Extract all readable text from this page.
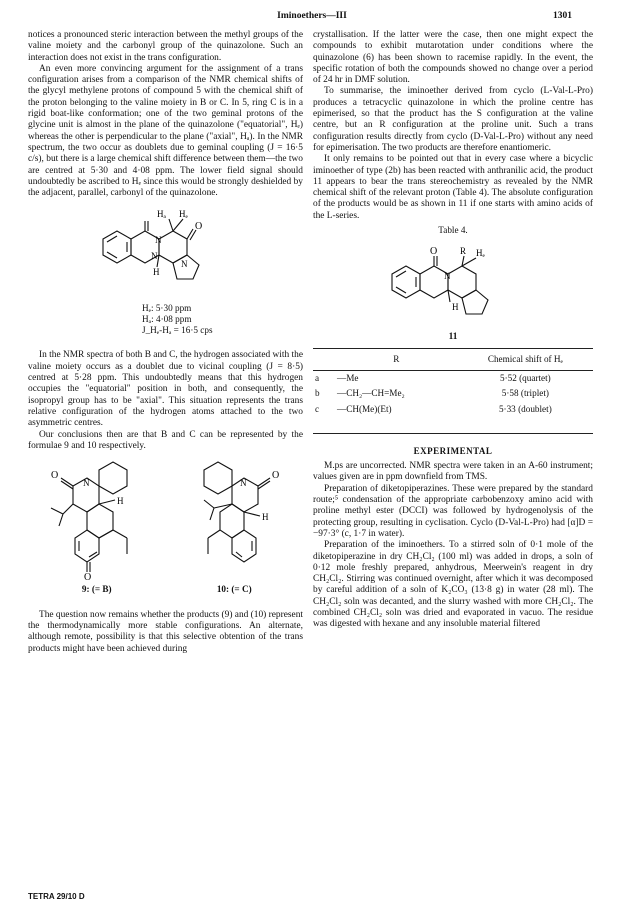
Iminoethers—III	1301

notices a pronounced steric interaction between the methyl groups of the valine moiety and the carbonyl group of the quinazolone. Such an interaction does not exist in the trans configuration.

An even more convincing argument for the assignment of a trans configuration arises from a comparison of the NMR chemical shifts of the glycyl methylene protons of compound 5 with the chemical shift of the proton belonging to the valine moiety in B or C. In 5, ring C is in a rigid boat-like conformation; one of the two geminal protons of the glycine unit is almost in the plane of the quinazolone ("equatorial", Hₑ) whereas the other is perpendicular to the plane ("axial", Hₐ). In the NMR spectrum, the two occur as doublets due to geminal coupling (J = 16·5 c/s), but there is a large chemical shift difference between them—the two are centred at 5·30 and 4·08 ppm. The lower field signal should undoubtedly be ascribed to Hₑ since this would be strongly deshielded by the adjacent, parallel, carbonyl of the quinazolone.

O
Hₑ
Hₐ
N
N
N
H
Hₑ: 5·30 ppm
Hₐ: 4·08 ppm
J_Hₑ-Hₐ = 16·5 cps

In the NMR spectra of both B and C, the hydrogen associated with the valine moiety occurs as a doublet due to vicinal coupling (J = 8·5) centred at 5·28 ppm. This undoubtedly means that this hydrogen occupies the "equatorial" position in both, and consequently, the isopropyl group has to be "axial". This situation represents the trans relative configuration of the hydrogen atoms attached to the two asymmetric centres.

Our conclusions then are that B and C can be represented by the formulae 9 and 10 respectively.

O
O
N
H
9: (= B)
O
N
H
10: (= C)

The question now remains whether the products (9) and (10) represent the thermodynamically more stable configurations. An alternate, although remote, possibility is that this selective obtention of the trans products might have been achieved during

crystallisation. If the latter were the case, then one might expect the compounds to exhibit mutarotation under conditions where the quinazolone (6) has been shown to racemise rapidly. In the event, the specific rotation of both the compounds showed no change over a period of 24 hr in DMF solution.

To summarise, the iminoether derived from cyclo (L-Val-L-Pro) produces a tetracyclic quinazolone in which the proline centre has epimerised, so that the product has the S configuration at the valine centre, but an R configuration at the proline unit. Such a trans configuration results directly from cyclo (D-Val-L-Pro) without any need for epimerisation. The two products are therefore enantiomeric.

It only remains to be pointed out that in every case where a bicyclic iminoether of type (2b) has been reacted with anthranilic acid, the product 11 appears to bear the trans stereochemistry as revealed by the NMR chemical shift of the relevant proton (Table 4). The absolute configuration of the products would be as shown in 11 if one starts with amino acids of the L-series.

Table 4.
O	R Hₑ
N
H
11
	R	Chemical shift of Hₑ
a	—Me	5·52 (quartet)
b	—CH₂—CH=Me₂	5·58 (triplet)
c	—CH(Me)(Et)	5·33 (doublet)
EXPERIMENTAL

M.ps are uncorrected. NMR spectra were taken in an A-60 instrument; values given are in ppm downfield from TMS.

Preparation of diketopiperazines. These were prepared by the standard route;⁵ condensation of the appropriate carbobenzoxy amino acid with proline methyl ester (DCCI) was followed by hydrogenolysis of the protecting group, resulting in cyclisation. Cyclo (D-Val-L-Pro) had [α]D = −97·3° (c, 1·7 in water).

Preparation of the iminoethers. To a stirred soln of 0·1 mole of the diketopiperazine in dry CH₂Cl₂ (100 ml) was added in drops, a soln of 0·12 mole freshly prepared, anhydrous, Meerwein's reagent in dry CH₂Cl₂. Stirring was continued overnight, after which it was decomposed by careful addition of a soln of K₂CO₃ (13·8 g) in water (28 ml). The CH₂Cl₂ soln was decanted, and the slurry washed with more CH₂Cl₂. The combined CH₂Cl₂ soln was dried and evaporated in vacuo. The residue was digested with hexane and any insoluble material filtered

TETRA 29/10 D
